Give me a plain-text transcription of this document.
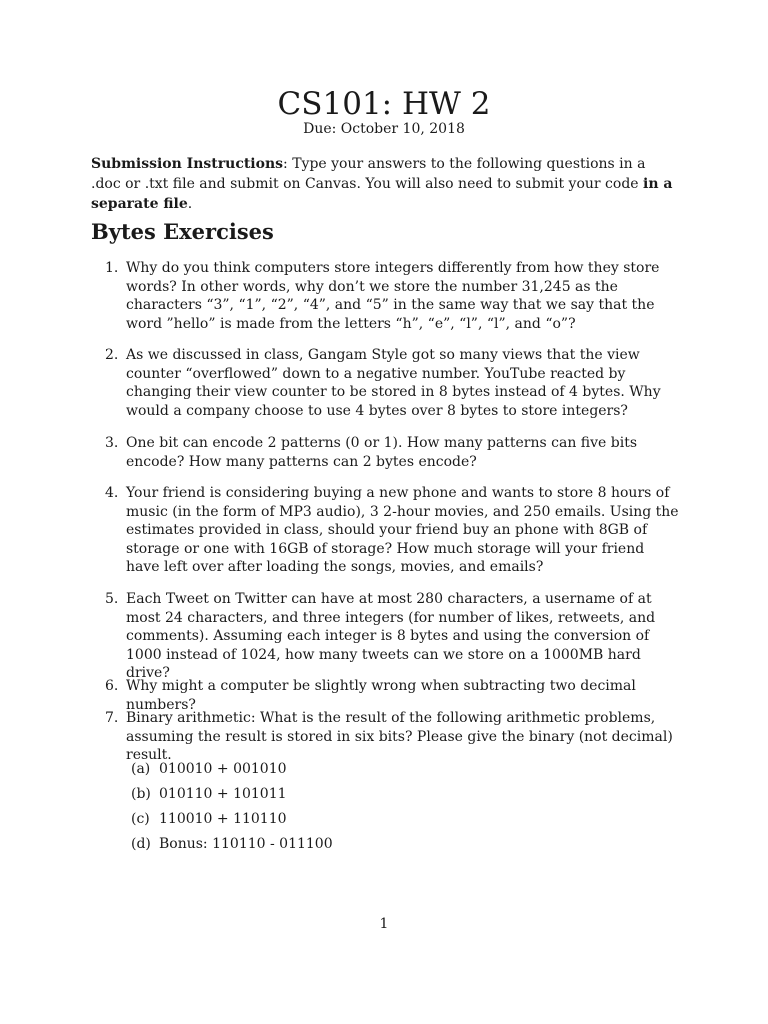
CS101: HW 2
Due: October 10, 2018

Submission Instructions: Type your answers to the following questions in a .doc or .txt file and submit on Canvas. You will also need to submit your code in a separate file.

Bytes Exercises
1. Why do you think computers store integers differently from how they store words? In other words, why don’t we store the number 31,245 as the characters “3”, “1”, “2”, “4”, and “5” in the same way that we say that the word ”hello” is made from the letters “h”, “e”, “l”, “l”, and “o”?
2. As we discussed in class, Gangam Style got so many views that the view counter “overflowed” down to a negative number. YouTube reacted by changing their view counter to be stored in 8 bytes instead of 4 bytes. Why would a company choose to use 4 bytes over 8 bytes to store integers?
3. One bit can encode 2 patterns (0 or 1). How many patterns can five bits encode? How many patterns can 2 bytes encode?
4. Your friend is considering buying a new phone and wants to store 8 hours of music (in the form of MP3 audio), 3 2-hour movies, and 250 emails. Using the estimates provided in class, should your friend buy an phone with 8GB of storage or one with 16GB of storage? How much storage will your friend have left over after loading the songs, movies, and emails?
5. Each Tweet on Twitter can have at most 280 characters, a username of at most 24 characters, and three integers (for number of likes, retweets, and comments). Assuming each integer is 8 bytes and using the conversion of 1000 instead of 1024, how many tweets can we store on a 1000MB hard drive?
6. Why might a computer be slightly wrong when subtracting two decimal numbers?
7. Binary arithmetic: What is the result of the following arithmetic problems, assuming the result is stored in six bits? Please give the binary (not decimal) result.
(a) 010010 + 001010
(b) 010110 + 101011
(c) 110010 + 110110
(d) Bonus: 110110 - 011100
1
